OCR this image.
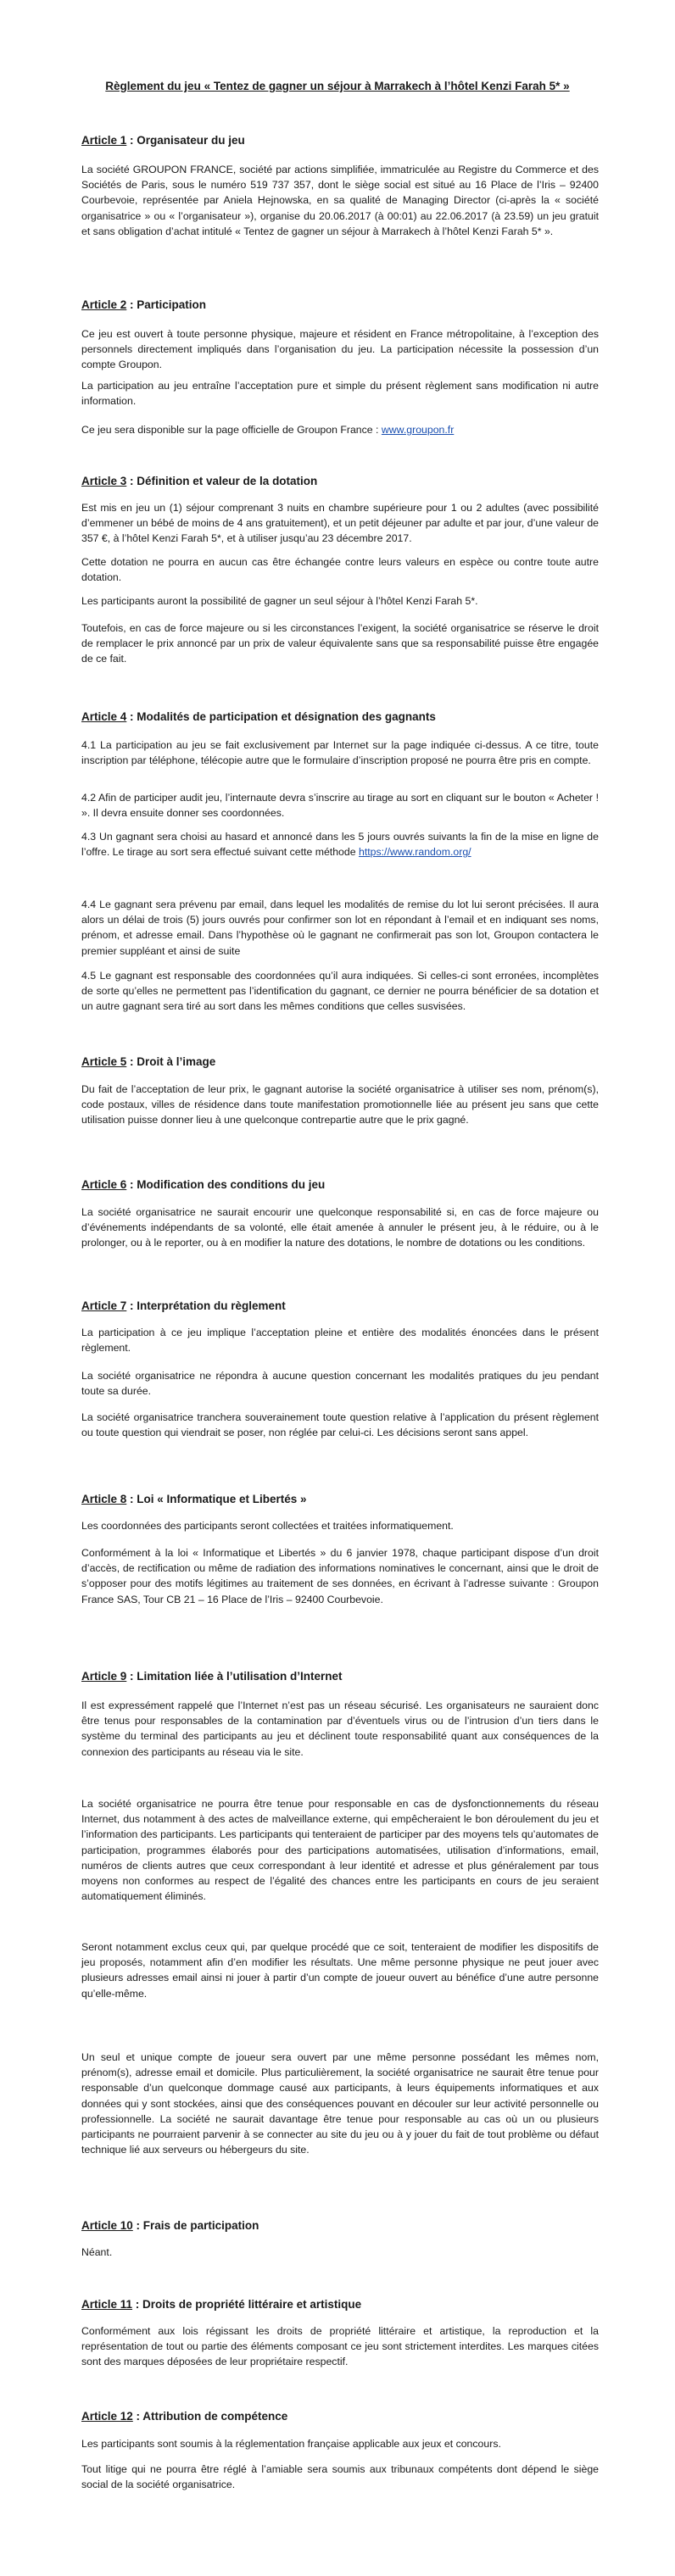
Règlement du jeu « Tentez de gagner un séjour à Marrakech à l’hôtel Kenzi Farah 5* »
Article 1 : Organisateur du jeu

La société GROUPON FRANCE, société par actions simplifiée, immatriculée au Registre du Commerce et des Sociétés de Paris, sous le numéro 519 737 357, dont le siège social est situé au 16 Place de l’Iris – 92400 Courbevoie, représentée par Aniela Hejnowska, en sa qualité de Managing Director (ci-après la « société organisatrice » ou « l’organisateur »), organise du 20.06.2017 (à 00:01) au 22.06.2017 (à 23.59) un jeu gratuit et sans obligation d’achat intitulé « Tentez de gagner un séjour à Marrakech à l’hôtel Kenzi Farah 5* ».

Article 2 : Participation

Ce jeu est ouvert à toute personne physique, majeure et résident en France métropolitaine, à l’exception des personnels directement impliqués dans l’organisation du jeu. La participation nécessite la possession d’un compte Groupon.

La participation au jeu entraîne l’acceptation pure et simple du présent règlement sans modification ni autre information.

Ce jeu sera disponible sur la page officielle de Groupon France : www.groupon.fr

Article 3 : Définition et valeur de la dotation

Est mis en jeu un (1) séjour comprenant 3 nuits en chambre supérieure pour 1 ou 2 adultes (avec possibilité d’emmener un bébé de moins de 4 ans gratuitement), et un petit déjeuner par adulte et par jour, d’une valeur de 357 €, à l’hôtel Kenzi Farah 5*, et à utiliser jusqu’au 23 décembre 2017.

Cette dotation ne pourra en aucun cas être échangée contre leurs valeurs en espèce ou contre toute autre dotation.

Les participants auront la possibilité de gagner un seul séjour à l’hôtel Kenzi Farah 5*.

Toutefois, en cas de force majeure ou si les circonstances l’exigent, la société organisatrice se réserve le droit de remplacer le prix annoncé par un prix de valeur équivalente sans que sa responsabilité puisse être engagée de ce fait.

Article 4 : Modalités de participation et désignation des gagnants

4.1 La participation au jeu se fait exclusivement par Internet sur la page indiquée ci-dessus. A ce titre, toute inscription par téléphone, télécopie autre que le formulaire d’inscription proposé ne pourra être pris en compte.

4.2 Afin de participer audit jeu, l’internaute devra s’inscrire au tirage au sort en cliquant sur le bouton « Acheter ! ». Il devra ensuite donner ses coordonnées.

4.3 Un gagnant sera choisi au hasard et annoncé dans les 5 jours ouvrés suivants la fin de la mise en ligne de l’offre. Le tirage au sort sera effectué suivant cette méthode https://www.random.org/

4.4 Le gagnant sera prévenu par email, dans lequel les modalités de remise du lot lui seront précisées. Il aura alors un délai de trois (5) jours ouvrés pour confirmer son lot en répondant à l’email et en indiquant ses noms, prénom, et adresse email. Dans l’hypothèse où le gagnant ne confirmerait pas son lot, Groupon contactera le premier suppléant et ainsi de suite

4.5 Le gagnant est responsable des coordonnées qu’il aura indiquées. Si celles-ci sont erronées, incomplètes de sorte qu’elles ne permettent pas l’identification du gagnant, ce dernier ne pourra bénéficier de sa dotation et un autre gagnant sera tiré au sort dans les mêmes conditions que celles susvisées.

Article 5 : Droit à l’image

Du fait de l’acceptation de leur prix, le gagnant autorise la société organisatrice à utiliser ses nom, prénom(s), code postaux, villes de résidence dans toute manifestation promotionnelle liée au présent jeu sans que cette utilisation puisse donner lieu à une quelconque contrepartie autre que le prix gagné.

Article 6 : Modification des conditions du jeu

La société organisatrice ne saurait encourir une quelconque responsabilité si, en cas de force majeure ou d’événements indépendants de sa volonté, elle était amenée à annuler le présent jeu, à le réduire, ou à le prolonger, ou à le reporter, ou à en modifier la nature des dotations, le nombre de dotations ou les conditions.

Article 7 : Interprétation du règlement

La participation à ce jeu implique l’acceptation pleine et entière des modalités énoncées dans le présent règlement.

La société organisatrice ne répondra à aucune question concernant les modalités pratiques du jeu pendant toute sa durée.

La société organisatrice tranchera souverainement toute question relative à l’application du présent règlement ou toute question qui viendrait se poser, non réglée par celui-ci. Les décisions seront sans appel.

Article 8 : Loi « Informatique et Libertés »

Les coordonnées des participants seront collectées et traitées informatiquement.

Conformément à la loi « Informatique et Libertés » du 6 janvier 1978, chaque participant dispose d’un droit d’accès, de rectification ou même de radiation des informations nominatives le concernant, ainsi que le droit de s’opposer pour des motifs légitimes au traitement de ses données, en écrivant à l’adresse suivante : Groupon France SAS, Tour CB 21 – 16 Place de l’Iris – 92400 Courbevoie.

Article 9 : Limitation liée à l’utilisation d’Internet

Il est expressément rappelé que l’Internet n’est pas un réseau sécurisé. Les organisateurs ne sauraient donc être tenus pour responsables de la contamination par d’éventuels virus ou de l’intrusion d’un tiers dans le système du terminal des participants au jeu et déclinent toute responsabilité quant aux conséquences de la connexion des participants au réseau via le site.

La société organisatrice ne pourra être tenue pour responsable en cas de dysfonctionnements du réseau Internet, dus notamment à des actes de malveillance externe, qui empêcheraient le bon déroulement du jeu et l’information des participants. Les participants qui tenteraient de participer par des moyens tels qu’automates de participation, programmes élaborés pour des participations automatisées, utilisation d’informations, email, numéros de clients autres que ceux correspondant à leur identité et adresse et plus généralement par tous moyens non conformes au respect de l’égalité des chances entre les participants en cours de jeu seraient automatiquement éliminés.

Seront notamment exclus ceux qui, par quelque procédé que ce soit, tenteraient de modifier les dispositifs de jeu proposés, notamment afin d’en modifier les résultats. Une même personne physique ne peut jouer avec plusieurs adresses email ainsi ni jouer à partir d’un compte de joueur ouvert au bénéfice d’une autre personne qu’elle-même.

Un seul et unique compte de joueur sera ouvert par une même personne possédant les mêmes nom, prénom(s), adresse email et domicile. Plus particulièrement, la société organisatrice ne saurait être tenue pour responsable d’un quelconque dommage causé aux participants, à leurs équipements informatiques et aux données qui y sont stockées, ainsi que des conséquences pouvant en découler sur leur activité personnelle ou professionnelle. La société ne saurait davantage être tenue pour responsable au cas où un ou plusieurs participants ne pourraient parvenir à se connecter au site du jeu ou à y jouer du fait de tout problème ou défaut technique lié aux serveurs ou hébergeurs du site.

Article 10 : Frais de participation

Néant.

Article 11 : Droits de propriété littéraire et artistique

Conformément aux lois régissant les droits de propriété littéraire et artistique, la reproduction et la représentation de tout ou partie des éléments composant ce jeu sont strictement interdites. Les marques citées sont des marques déposées de leur propriétaire respectif.

Article 12 : Attribution de compétence

Les participants sont soumis à la réglementation française applicable aux jeux et concours.

Tout litige qui ne pourra être réglé à l’amiable sera soumis aux tribunaux compétents dont dépend le siège social de la société organisatrice.
